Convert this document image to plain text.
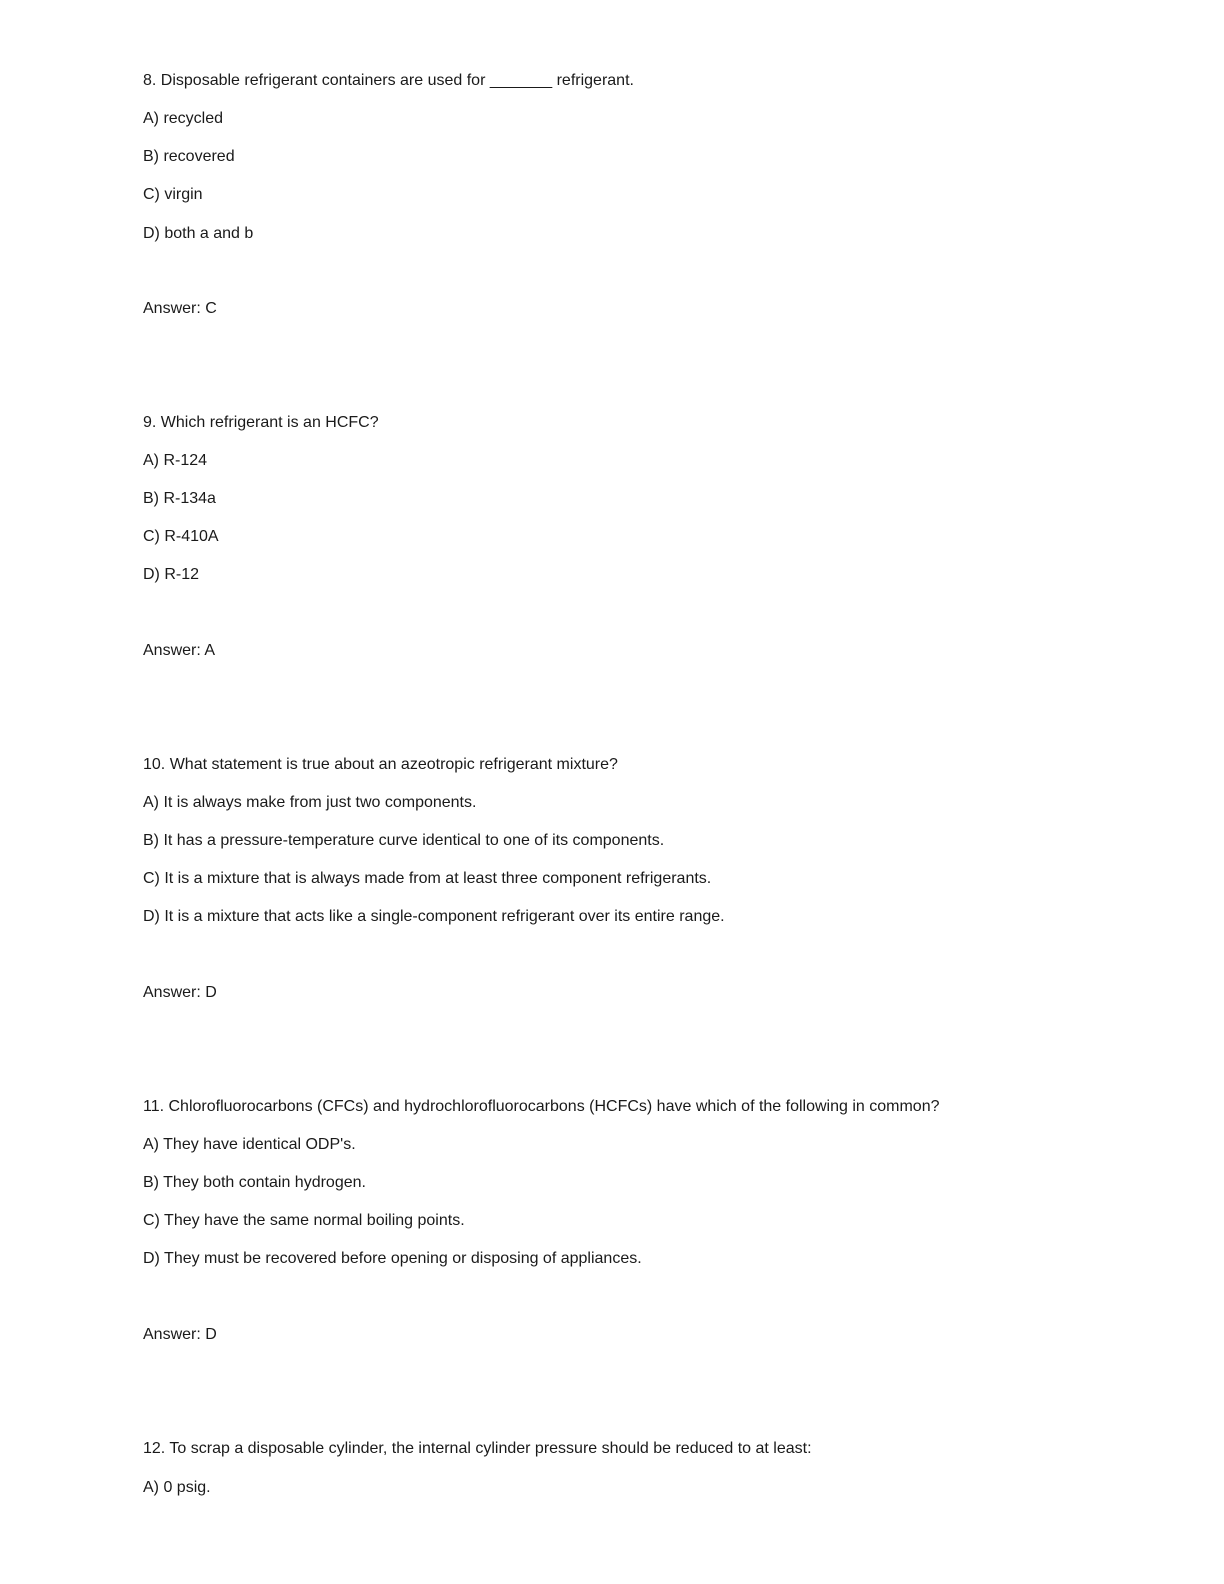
8. Disposable refrigerant containers are used for _______ refrigerant.
A) recycled
B) recovered
C) virgin
D) both a and b
Answer: C
9. Which refrigerant is an HCFC?
A) R-124
B) R-134a
C) R-410A
D) R-12
Answer: A
10. What statement is true about an azeotropic refrigerant mixture?
A) It is always make from just two components.
B) It has a pressure-temperature curve identical to one of its components.
C) It is a mixture that is always made from at least three component refrigerants.
D) It is a mixture that acts like a single-component refrigerant over its entire range.
Answer: D
11. Chlorofluorocarbons (CFCs) and hydrochlorofluorocarbons (HCFCs) have which of the following in common?
A) They have identical ODP's.
B) They both contain hydrogen.
C) They have the same normal boiling points.
D) They must be recovered before opening or disposing of appliances.
Answer: D
12. To scrap a disposable cylinder, the internal cylinder pressure should be reduced to at least:
A) 0 psig.
